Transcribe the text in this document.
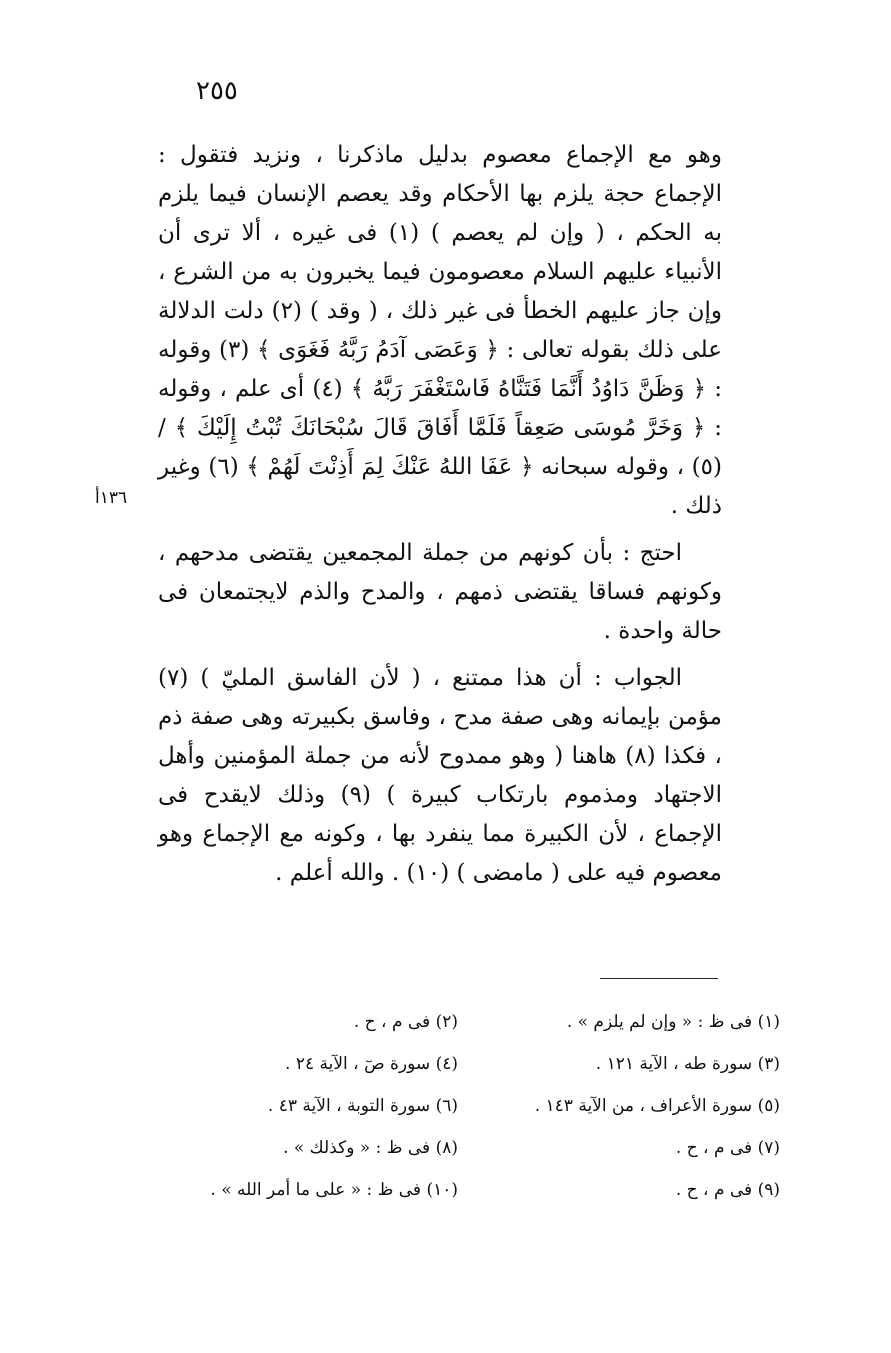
٢٥٥
١٣٦أ

وهو مع الإجماع معصوم بدليل ماذكرنا ، ونزيد فتقول : الإجماع حجة يلزم بها الأحكام وقد يعصم الإنسان فيما يلزم به الحكم ، ( وإن لم يعصم ) (١) فى غيره ، ألا ترى أن الأنبياء عليهم السلام معصومون فيما يخبرون به من الشرع ، وإن جاز عليهم الخطأ فى غير ذلك ، ( وقد ) (٢) دلت الدلالة على ذلك بقوله تعالى : ﴿ وَعَصَى آدَمُ رَبَّهُ فَغَوَى ﴾ (٣) وقوله : ﴿ وَظَنَّ دَاوُدُ أَنَّمَا فَتَنَّاهُ فَاسْتَغْفَرَ رَبَّهُ ﴾ (٤) أى علم ، وقوله : ﴿ وَخَرَّ مُوسَى صَعِقاً فَلَمَّا أَفَاقَ قَالَ سُبْحَانَكَ تُبْتُ إِلَيْكَ ﴾ / (٥) ، وقوله سبحانه ﴿ عَفَا اللهُ عَنْكَ لِمَ أَذِنْتَ لَهُمْ ﴾ (٦) وغير ذلك .

احتج : بأن كونهم من جملة المجمعين يقتضى مدحهم ، وكونهم فساقا يقتضى ذمهم ، والمدح والذم لايجتمعان فى حالة واحدة .

الجواب : أن هذا ممتنع ، ( لأن الفاسق المليّ ) (٧) مؤمن بإيمانه وهى صفة مدح ، وفاسق بكبيرته وهى صفة ذم ، فكذا (٨) هاهنا ( وهو ممدوح لأنه من جملة المؤمنين وأهل الاجتهاد ومذموم بارتكاب كبيرة ) (٩) وذلك لايقدح فى الإجماع ، لأن الكبيرة مما ينفرد بها ، وكونه مع الإجماع وهو معصوم فيه على ( مامضى ) (١٠) . والله أعلم .

(١) فى ظ : « وإن لم يلزم » .
(٢) فى م ، ح .
(٣) سورة طه ، الآية ١٢١ .
(٤) سورة صٓ ، الآية ٢٤ .
(٥) سورة الأعراف ، من الآية ١٤٣ .
(٦) سورة التوبة ، الآية ٤٣ .
(٧) فى م ، ح .
(٨) فى ظ : « وكذلك » .
(٩) فى م ، ح .
(١٠) فى ظ : « على ما أمر الله » .
